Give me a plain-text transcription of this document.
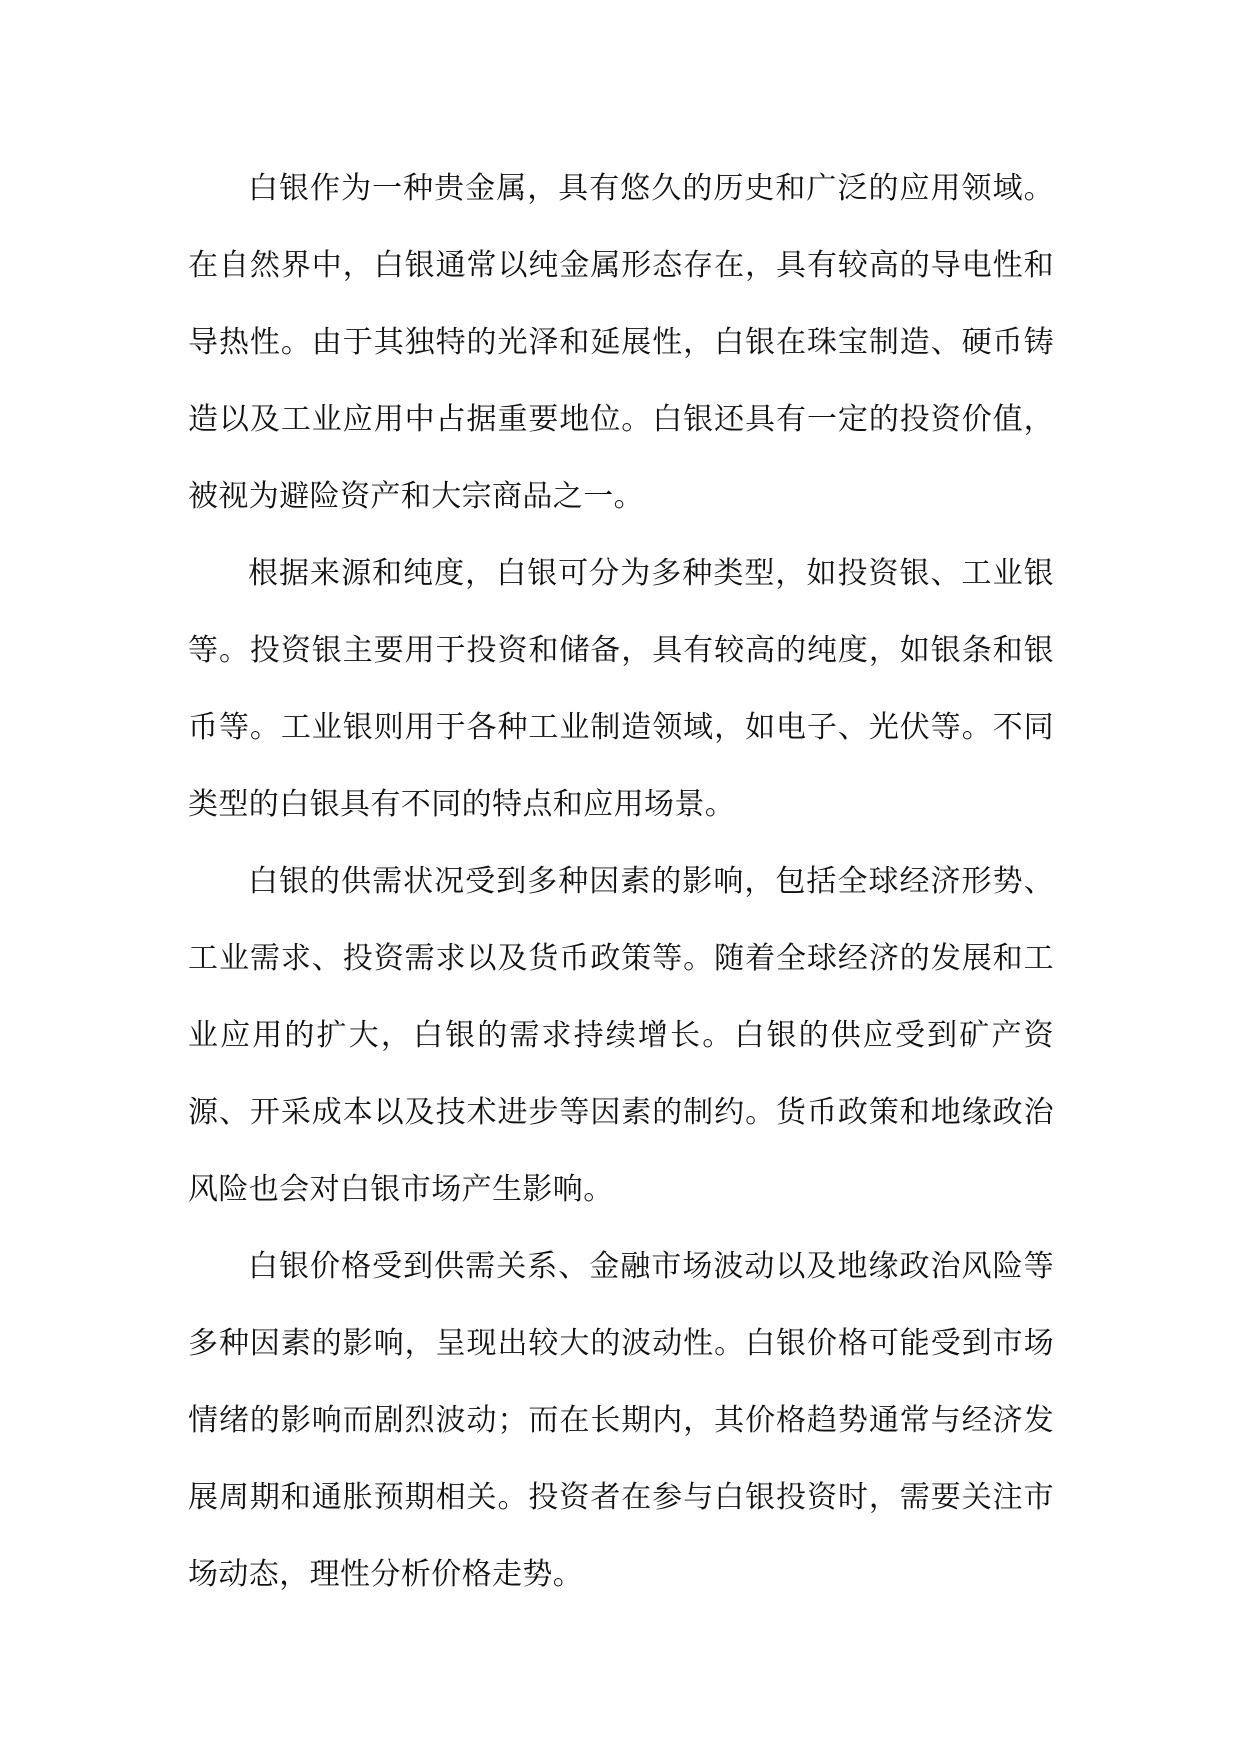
白银作为一种贵金属，具有悠久的历史和广泛的应用领域。在自然界中，白银通常以纯金属形态存在，具有较高的导电性和导热性。由于其独特的光泽和延展性，白银在珠宝制造、硬币铸造以及工业应用中占据重要地位。白银还具有一定的投资价值，被视为避险资产和大宗商品之一。

根据来源和纯度，白银可分为多种类型，如投资银、工业银等。投资银主要用于投资和储备，具有较高的纯度，如银条和银币等。工业银则用于各种工业制造领域，如电子、光伏等。不同类型的白银具有不同的特点和应用场景。

白银的供需状况受到多种因素的影响，包括全球经济形势、工业需求、投资需求以及货币政策等。随着全球经济的发展和工业应用的扩大，白银的需求持续增长。白银的供应受到矿产资源、开采成本以及技术进步等因素的制约。货币政策和地缘政治风险也会对白银市场产生影响。

白银价格受到供需关系、金融市场波动以及地缘政治风险等多种因素的影响，呈现出较大的波动性。白银价格可能受到市场情绪的影响而剧烈波动；而在长期内，其价格趋势通常与经济发展周期和通胀预期相关。投资者在参与白银投资时，需要关注市场动态，理性分析价格走势。
